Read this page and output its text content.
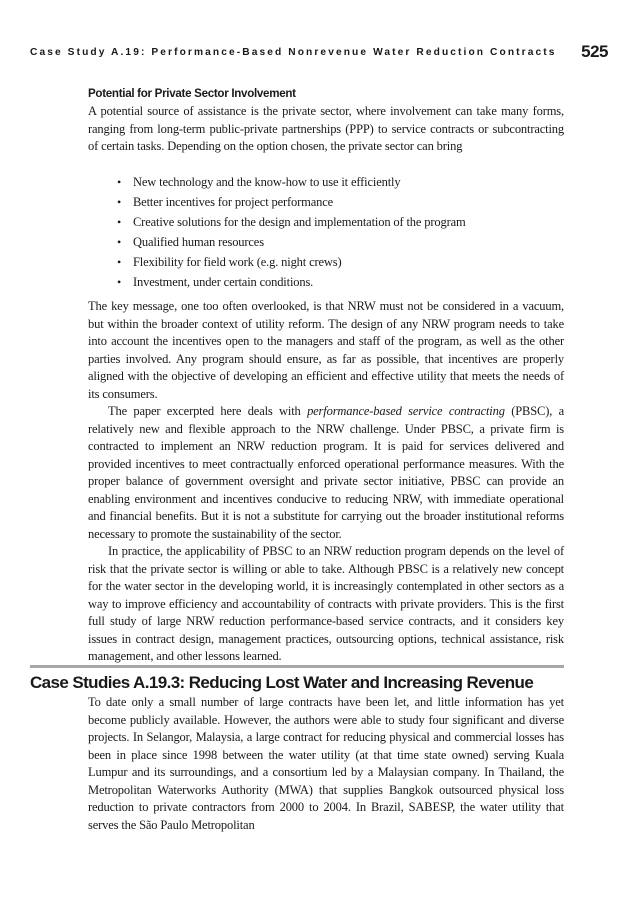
Case Study A.19: Performance-Based Nonrevenue Water Reduction Contracts 525
Potential for Private Sector Involvement

A potential source of assistance is the private sector, where involvement can take many forms, ranging from long-term public-private partnerships (PPP) to service contracts or subcontracting of certain tasks. Depending on the option chosen, the private sector can bring

• New technology and the know-how to use it efficiently
• Better incentives for project performance
• Creative solutions for the design and implementation of the program
• Qualified human resources
• Flexibility for field work (e.g. night crews)
• Investment, under certain conditions.

The key message, one too often overlooked, is that NRW must not be considered in a vacuum, but within the broader context of utility reform. The design of any NRW program needs to take into account the incentives open to the managers and staff of the program, as well as the other parties involved. Any program should ensure, as far as possible, that incentives are properly aligned with the objective of developing an efficient and effective utility that meets the needs of its consumers.

The paper excerpted here deals with performance-based service contracting (PBSC), a relatively new and flexible approach to the NRW challenge. Under PBSC, a private firm is contracted to implement an NRW reduction program. It is paid for services delivered and provided incentives to meet contractually enforced operational performance measures. With the proper balance of government oversight and private sector initiative, PBSC can provide an enabling environment and incentives conducive to reducing NRW, with immediate operational and financial benefits. But it is not a substitute for carrying out the broader institutional reforms necessary to promote the sustainability of the sector.

In practice, the applicability of PBSC to an NRW reduction program depends on the level of risk that the private sector is willing or able to take. Although PBSC is a relatively new concept for the water sector in the developing world, it is increasingly contemplated in other sectors as a way to improve efficiency and accountability of contracts with private providers. This is the first full study of large NRW reduction performance-based service contracts, and it considers key issues in contract design, management practices, outsourcing options, technical assistance, risk management, and other lessons learned.

Case Studies A.19.3: Reducing Lost Water and Increasing Revenue

To date only a small number of large contracts have been let, and little information has yet become publicly available. However, the authors were able to study four significant and diverse projects. In Selangor, Malaysia, a large contract for reducing physical and commercial losses has been in place since 1998 between the water utility (at that time state owned) serving Kuala Lumpur and its surroundings, and a consortium led by a Malaysian company. In Thailand, the Metropolitan Waterworks Authority (MWA) that supplies Bangkok outsourced physical loss reduction to private contractors from 2000 to 2004. In Brazil, SABESP, the water utility that serves the São Paulo Metropolitan
